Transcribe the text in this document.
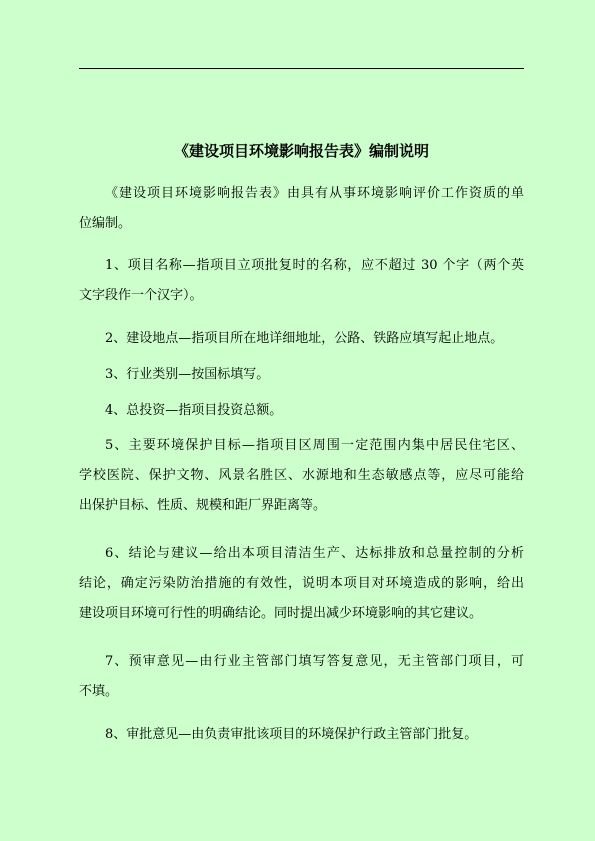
《建设项目环境影响报告表》编制说明
《建设项目环境影响报告表》由具有从事环境影响评价工作资质的单
位编制。
1、项目名称—指项目立项批复时的名称，应不超过 30 个字（两个英
文字段作一个汉字）。
2、建设地点—指项目所在地详细地址，公路、铁路应填写起止地点。
3、行业类别—按国标填写。
4、总投资—指项目投资总额。
5、主要环境保护目标—指项目区周围一定范围内集中居民住宅区、
学校医院、保护文物、风景名胜区、水源地和生态敏感点等，应尽可能给
出保护目标、性质、规模和距厂界距离等。
6、结论与建议—给出本项目清洁生产、达标排放和总量控制的分析
结论，确定污染防治措施的有效性，说明本项目对环境造成的影响，给出
建设项目环境可行性的明确结论。同时提出减少环境影响的其它建议。
7、预审意见—由行业主管部门填写答复意见，无主管部门项目，可
不填。
8、审批意见—由负责审批该项目的环境保护行政主管部门批复。
